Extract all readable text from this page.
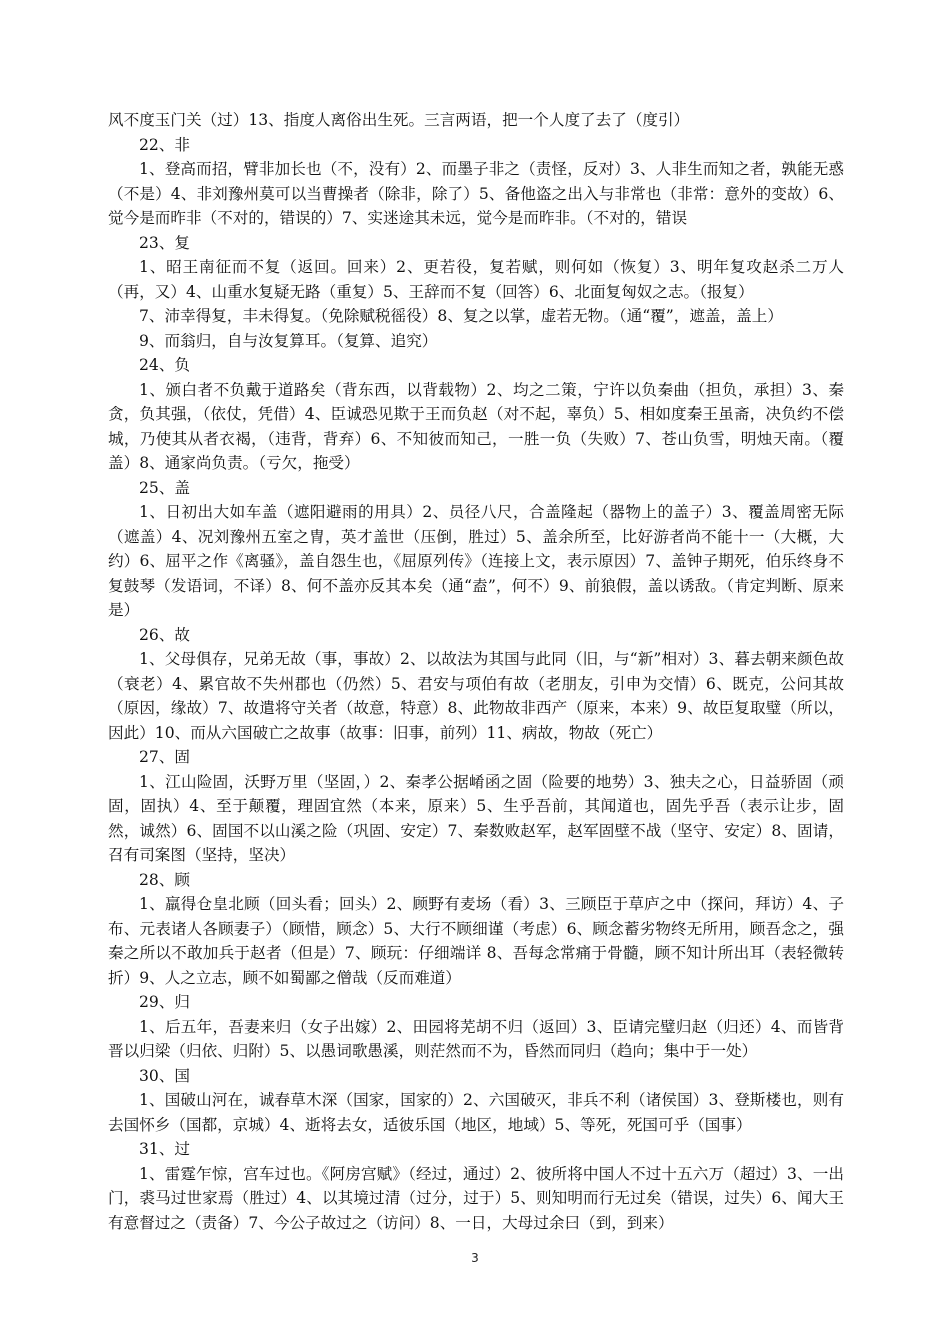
风不度玉门关（过）13、指度人离俗出生死。三言两语，把一个人度了去了（度引）

22、非

1、登高而招，臂非加长也（不，没有）2、而墨子非之（责怪，反对）3、人非生而知之者，孰能无惑（不是）4、非刘豫州莫可以当曹操者（除非，除了）5、备他盗之出入与非常也（非常：意外的变故）6、觉今是而昨非（不对的，错误的）7、实迷途其未远，觉今是而昨非。（不对的，错误

23、复

1、昭王南征而不复（返回。回来）2、更若役，复若赋，则何如（恢复）3、明年复攻赵杀二万人（再，又）4、山重水复疑无路（重复）5、王辞而不复（回答）6、北面复匈奴之志。（报复）

7、沛幸得复，丰未得复。（免除赋税徭役）8、复之以掌，虚若无物。（通“覆”，遮盖，盖上）

9、而翁归，自与汝复算耳。（复算、追究）

24、负

1、颁白者不负戴于道路矣（背东西，以背载物）2、均之二策，宁许以负秦曲（担负，承担）3、秦贪，负其强，（依仗，凭借）4、臣诚恐见欺于王而负赵（对不起，辜负）5、相如度秦王虽斋，决负约不偿城，乃使其从者衣褐，（违背，背弃）6、不知彼而知己，一胜一负（失败）7、苍山负雪，明烛天南。（覆盖）8、通家尚负责。（亏欠，拖受）

25、盖

1、日初出大如车盖（遮阳避雨的用具）2、员径八尺，合盖隆起（器物上的盖子）3、覆盖周密无际（遮盖）4、况刘豫州五室之冑，英才盖世（压倒，胜过）5、盖余所至，比好游者尚不能十一（大概，大约）6、屈平之作《离骚》，盖自怨生也，《屈原列传》（连接上文，表示原因）7、盖钟子期死，伯乐终身不复鼓琴（发语词，不译）8、何不盖亦反其本矣（通“盍”，何不）9、前狼假，盖以诱敌。（肯定判断、原来是）

26、故

1、父母俱存，兄弟无故（事，事故）2、以故法为其国与此同（旧，与“新”相对）3、暮去朝来颜色故（衰老）4、累官故不失州郡也（仍然）5、君安与项伯有故（老朋友，引申为交情）6、既克，公问其故（原因，缘故）7、故遣将守关者（故意，特意）8、此物故非西产（原来，本来）9、故臣复取璧（所以，因此）10、而从六国破亡之故事（故事：旧事，前列）11、病故，物故（死亡）

27、固

1、江山险固，沃野万里（坚固，）2、秦孝公据崤函之固（险要的地势）3、独夫之心，日益骄固（顽固，固执）4、至于颠覆，理固宜然（本来，原来）5、生乎吾前，其闻道也，固先乎吾（表示让步，固然，诚然）6、固国不以山溪之险（巩固、安定）7、秦数败赵军，赵军固壁不战（坚守、安定）8、固请，召有司案图（坚持，坚决）

28、顾

1、羸得仓皇北顾（回头看；回头）2、顾野有麦场（看）3、三顾臣于草庐之中（探问，拜访）4、子布、元表诸人各顾妻子）（顾惜，顾念）5、大行不顾细谨（考虑）6、顾念蓄劣物终无所用，顾吾念之，强秦之所以不敢加兵于赵者（但是）7、顾玩：仔细端详 8、吾每念常痛于骨髓，顾不知计所出耳（表轻微转折）9、人之立志，顾不如蜀鄙之僧哉（反而难道）

29、归

1、后五年，吾妻来归（女子出嫁）2、田园将芜胡不归（返回）3、臣请完璧归赵（归还）4、而皆背晋以归梁（归依、归附）5、以愚词歌愚溪，则茫然而不为，昏然而同归（趋向；集中于一处）

30、国

1、国破山河在，诚春草木深（国家，国家的）2、六国破灭，非兵不利（诸侯国）3、登斯楼也，则有去国怀乡（国都，京城）4、逝将去女，适彼乐国（地区，地域）5、等死，死国可乎（国事）

31、过

1、雷霆乍惊，宫车过也。《阿房宫赋》（经过，通过）2、彼所将中国人不过十五六万（超过）3、一出门，裘马过世家焉（胜过）4、以其境过清（过分，过于）5、则知明而行无过矣（错误，过失）6、闻大王有意督过之（责备）7、今公子故过之（访问）8、一日，大母过余曰（到，到来）

3
